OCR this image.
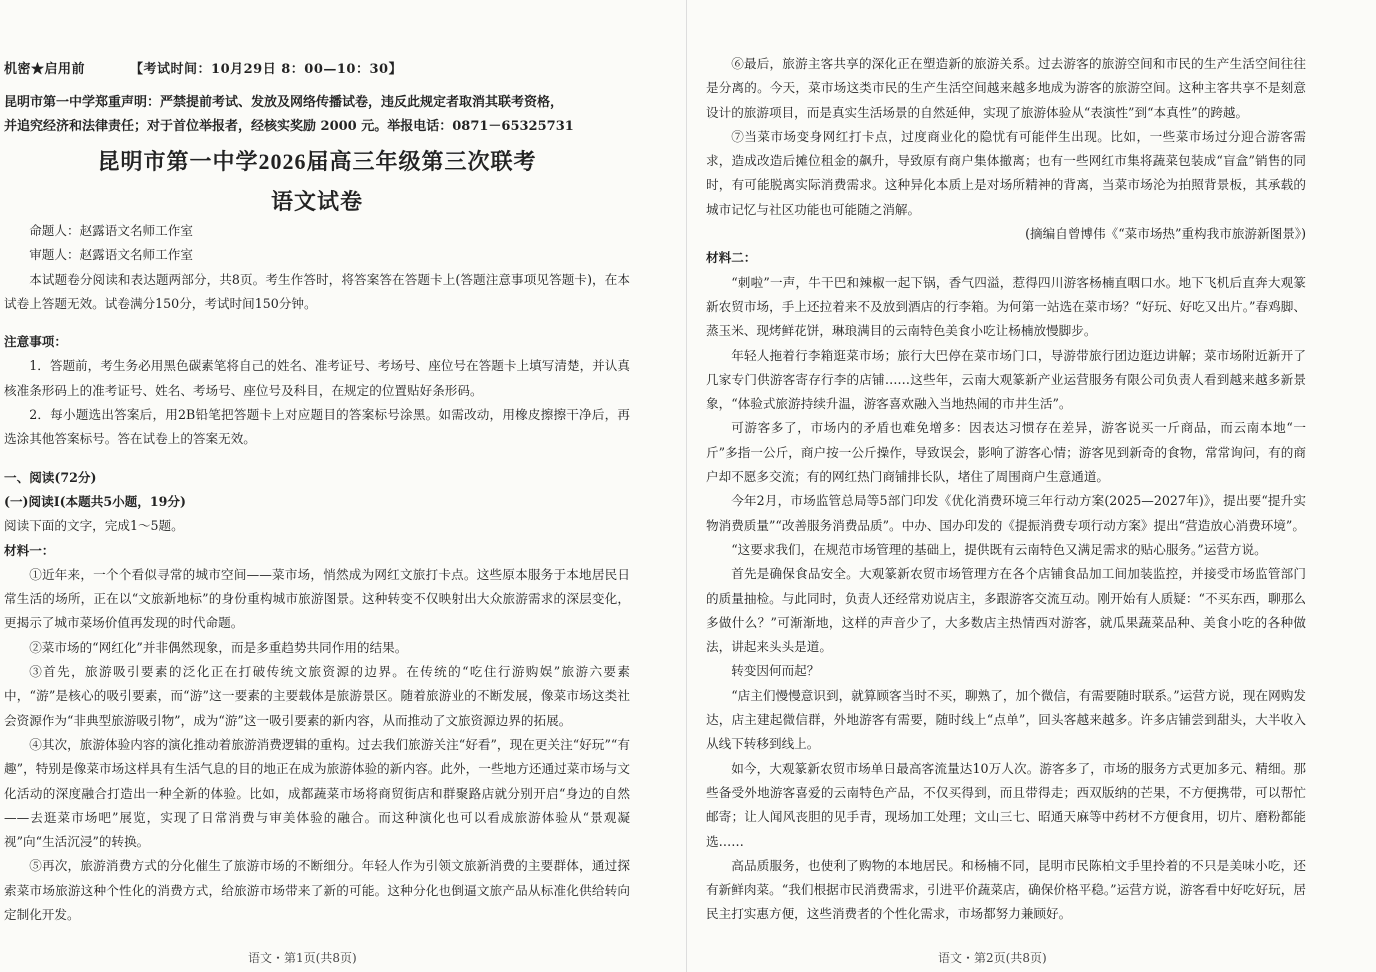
机密★启用前	【考试时间：10月29日 8：00—10：30】

昆明市第一中学郑重声明：严禁提前考试、发放及网络传播试卷，违反此规定者取消其联考资格，

并追究经济和法律责任；对于首位举报者，经核实奖励 2000 元。举报电话：0871－65325731

昆明市第一中学2026届高三年级第三次联考

语文试卷

命题人：赵露语文名师工作室

审题人：赵露语文名师工作室

本试题卷分阅读和表达题两部分，共8页。考生作答时，将答案答在答题卡上(答题注意事项见答题卡)，在本试卷上答题无效。试卷满分150分，考试时间150分钟。

注意事项：

1．答题前，考生务必用黑色碳素笔将自己的姓名、准考证号、考场号、座位号在答题卡上填写清楚，并认真核准条形码上的准考证号、姓名、考场号、座位号及科目，在规定的位置贴好条形码。

2．每小题选出答案后，用2B铅笔把答题卡上对应题目的答案标号涂黑。如需改动，用橡皮擦擦干净后，再选涂其他答案标号。答在试卷上的答案无效。

一、阅读(72分)

(一)阅读Ⅰ(本题共5小题，19分)

阅读下面的文字，完成1～5题。

材料一：

①近年来，一个个看似寻常的城市空间——菜市场，悄然成为网红文旅打卡点。这些原本服务于本地居民日常生活的场所，正在以“文旅新地标”的身份重构城市旅游图景。这种转变不仅映射出大众旅游需求的深层变化，更揭示了城市菜场价值再发现的时代命题。

②菜市场的“网红化”并非偶然现象，而是多重趋势共同作用的结果。

③首先，旅游吸引要素的泛化正在打破传统文旅资源的边界。在传统的“吃住行游购娱”旅游六要素中，“游”是核心的吸引要素，而“游”这一要素的主要载体是旅游景区。随着旅游业的不断发展，像菜市场这类社会资源作为“非典型旅游吸引物”，成为“游”这一吸引要素的新内容，从而推动了文旅资源边界的拓展。

④其次，旅游体验内容的演化推动着旅游消费逻辑的重构。过去我们旅游关注“好看”，现在更关注“好玩”“有趣”，特别是像菜市场这样具有生活气息的目的地正在成为旅游体验的新内容。此外，一些地方还通过菜市场与文化活动的深度融合打造出一种全新的体验。比如，成都蔬菜市场将商贸街店和群聚路店就分别开启“身边的自然——去逛菜市场吧”展览，实现了日常消费与审美体验的融合。而这种演化也可以看成旅游体验从“景观凝视”向“生活沉浸”的转换。

⑤再次，旅游消费方式的分化催生了旅游市场的不断细分。年轻人作为引领文旅新消费的主要群体，通过探索菜市场旅游这种个性化的消费方式，给旅游市场带来了新的可能。这种分化也倒逼文旅产品从标准化供给转向定制化开发。

语文・第1页(共8页)

⑥最后，旅游主客共享的深化正在塑造新的旅游关系。过去游客的旅游空间和市民的生产生活空间往往是分离的。今天，菜市场这类市民的生产生活空间越来越多地成为游客的旅游空间。这种主客共享不是刻意设计的旅游项目，而是真实生活场景的自然延伸，实现了旅游体验从“表演性”到“本真性”的跨越。

⑦当菜市场变身网红打卡点，过度商业化的隐忧有可能伴生出现。比如，一些菜市场过分迎合游客需求，造成改造后摊位租金的飙升，导致原有商户集体撤离；也有一些网红市集将蔬菜包装成“盲盒”销售的同时，有可能脱离实际消费需求。这种异化本质上是对场所精神的背离，当菜市场沦为拍照背景板，其承载的城市记忆与社区功能也可能随之消解。

(摘编自曾博伟《“菜市场热”重构我市旅游新图景》)

材料二：

“刺啦”一声，牛干巴和辣椒一起下锅，香气四溢，惹得四川游客杨楠直咽口水。地下飞机后直奔大观篆新农贸市场，手上还拉着来不及放到酒店的行李箱。为何第一站选在菜市场？“好玩、好吃又出片。”春鸡脚、蒸玉米、现烤鲜花饼，琳琅满目的云南特色美食小吃让杨楠放慢脚步。

年轻人拖着行李箱逛菜市场；旅行大巴停在菜市场门口，导游带旅行团边逛边讲解；菜市场附近新开了几家专门供游客寄存行李的店铺……这些年，云南大观篆新产业运营服务有限公司负责人看到越来越多新景象，“体验式旅游持续升温，游客喜欢融入当地热闹的市井生活”。

可游客多了，市场内的矛盾也难免增多：因表达习惯存在差异，游客说买一斤商品，而云南本地“一斤”多指一公斤，商户按一公斤操作，导致误会，影响了游客心情；游客见到新奇的食物，常常询问，有的商户却不愿多交流；有的网红热门商铺排长队，堵住了周围商户生意通道。

今年2月，市场监管总局等5部门印发《优化消费环境三年行动方案(2025—2027年)》，提出要“提升实物消费质量”“改善服务消费品质”。中办、国办印发的《提振消费专项行动方案》提出“营造放心消费环境”。

“这要求我们，在规范市场管理的基础上，提供既有云南特色又满足需求的贴心服务。”运营方说。

首先是确保食品安全。大观篆新农贸市场管理方在各个店铺食品加工间加装监控，并接受市场监管部门的质量抽检。与此同时，负责人还经常劝说店主，多跟游客交流互动。刚开始有人质疑：“不买东西，聊那么多做什么？”可渐渐地，这样的声音少了，大多数店主热情西对游客，就瓜果蔬菜品种、美食小吃的各种做法，讲起来头头是道。

转变因何而起？

“店主们慢慢意识到，就算顾客当时不买，聊熟了，加个微信，有需要随时联系。”运营方说，现在网购发达，店主建起微信群，外地游客有需要，随时线上“点单”，回头客越来越多。许多店铺尝到甜头，大半收入从线下转移到线上。

如今，大观篆新农贸市场单日最高客流量达10万人次。游客多了，市场的服务方式更加多元、精细。那些备受外地游客喜爱的云南特色产品，不仅买得到，而且带得走；西双版纳的芒果，不方便携带，可以帮忙邮寄；让人闻风丧胆的见手青，现场加工处理；文山三七、昭通天麻等中药材不方便食用，切片、磨粉都能选……

高品质服务，也使利了购物的本地居民。和杨楠不同，昆明市民陈柏文手里拎着的不只是美味小吃，还有新鲜肉菜。“我们根据市民消费需求，引进平价蔬菜店，确保价格平稳。”运营方说，游客看中好吃好玩，居民主打实惠方便，这些消费者的个性化需求，市场都努力兼顾好。

语文・第2页(共8页)
